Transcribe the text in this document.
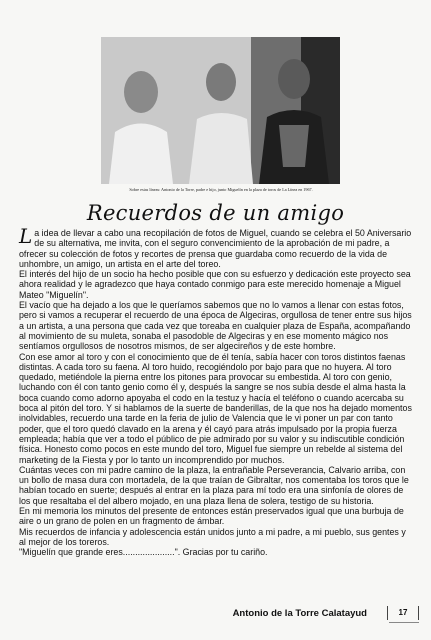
Sobre estas líneas: Antonio de la Torre, padre e hijo, junto Miguelín en la plaza de toros de La Línea en 1967.
Recuerdos de un amigo

La idea de llevar a cabo una recopilación de fotos de Miguel, cuando se celebra el 50 Aniversario de su alternativa, me invita, con el seguro convencimiento de la aprobación de mi padre, a ofrecer su colección de fotos y recortes de prensa que guardaba como recuerdo de la vida de unhombre, un amigo, un artista en el arte del toreo.

El interés del hijo de un socio ha hecho posible que con su esfuerzo y dedicación este proyecto sea ahora realidad y le agradezco que haya contado conmigo para este merecido homenaje a Miguel Mateo "Miguelín".

El vacío que ha dejado a los que le queríamos sabemos que no lo vamos a llenar con estas fotos, pero si vamos a recuperar el recuerdo de una época de Algeciras, orgullosa de tener entre sus hijos a un artista, a una persona que cada vez que toreaba en cualquier plaza de España, acompañando al movimiento de su muleta, sonaba el pasodoble de Algeciras y en ese momento mágico nos sentíamos orgullosos de nosotros mismos, de ser algecireños y de este hombre.

Con ese amor al toro y con el conocimiento que de él tenía, sabía hacer con toros distintos faenas distintas. A cada toro su faena. Al toro huido, recogiéndolo por bajo para que no huyera. Al toro quedado, metiéndole la pierna entre los pitones para provocar su embestida. Al toro con genio, luchando con él con tanto genio como él y, después la sangre se nos subía desde el alma hasta la boca cuando como adorno apoyaba el codo en la testuz y hacía el teléfono o cuando acercaba su boca al pitón del toro. Y si hablamos de la suerte de banderillas, de la que nos ha dejado momentos inolvidables, recuerdo una tarde en la feria de julio de Valencia que le vi poner un par con tanto poder, que el toro quedó clavado en la arena y él cayó para atrás impulsado por la propia fuerza empleada; había que ver a todo el público de pie admirado por su valor y su indiscutible condición física. Honesto como pocos en este mundo del toro, Miguel fue siempre un rebelde al sistema del marketing de la Fiesta y por lo tanto un incomprendido por muchos.

Cuántas veces con mi padre camino de la plaza, la entrañable Perseverancia, Calvario arriba, con un bollo de masa dura con mortadela, de la que traían de Gibraltar, nos comentaba los toros que le habían tocado en suerte; después al entrar en la plaza para mí todo era una sinfonía de olores de los que resaltaba el del albero mojado, en una plaza llena de solera, testigo de su historia.

En mi memoria los minutos del presente de entonces están preservados igual que una burbuja de aire o un grano de polen en un fragmento de ámbar.

Mis recuerdos de infancia y adolescencia están unidos junto a mi padre, a mi pueblo, sus gentes y al mejor de los toreros.

"Miguelín que grande eres.....................". Gracias por tu cariño.

Antonio de la Torre Calatayud	17
